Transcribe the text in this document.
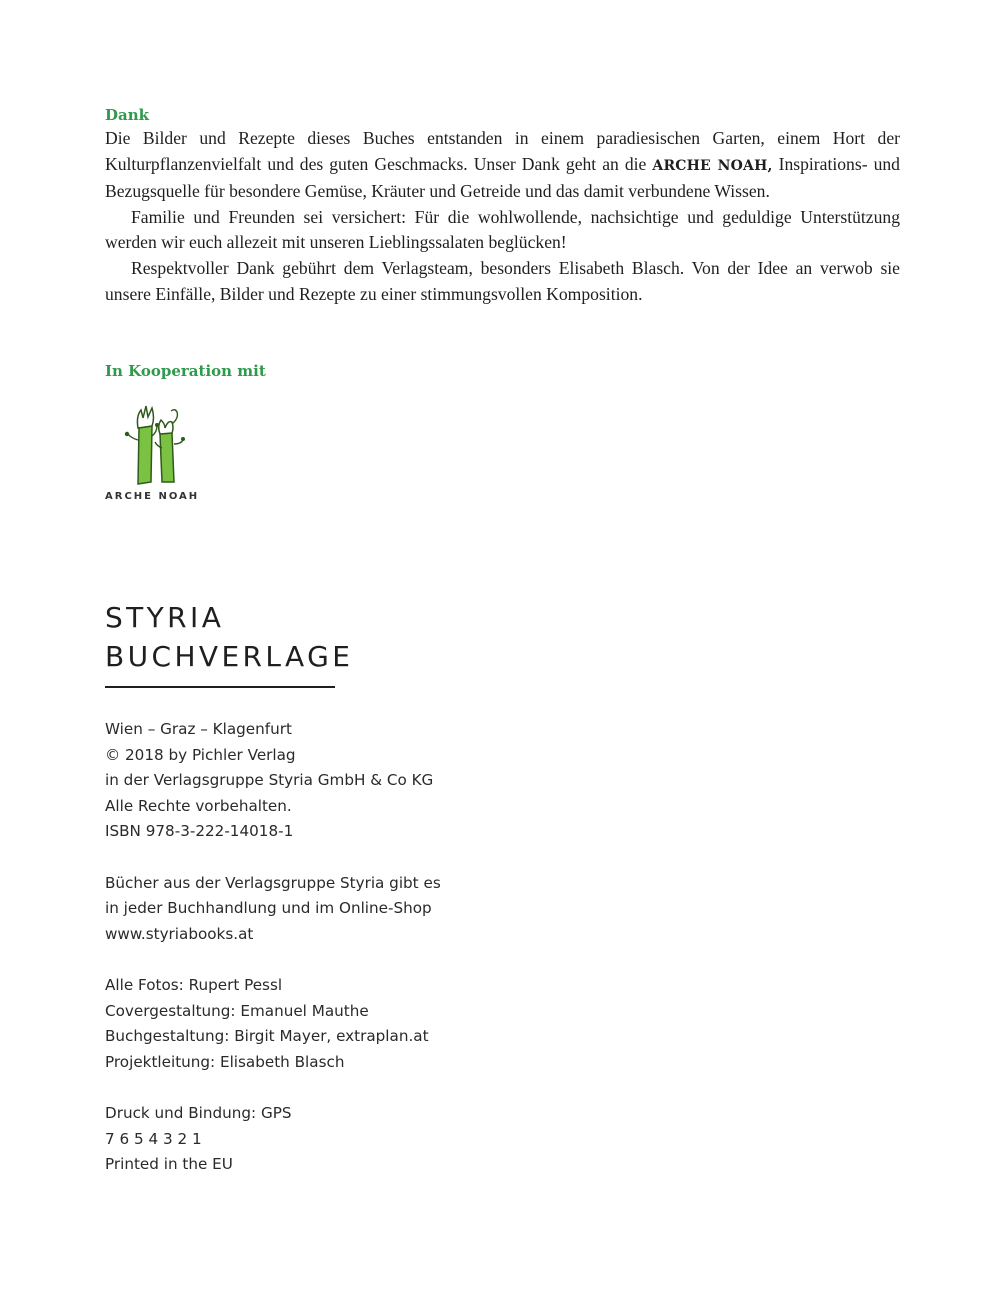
Dank

Die Bilder und Rezepte dieses Buches entstanden in einem paradiesischen Garten, einem Hort der Kulturpflanzenvielfalt und des guten Geschmacks. Unser Dank geht an die ARCHE NOAH, Inspirations- und Bezugsquelle für besondere Gemüse, Kräuter und Getreide und das damit verbundene Wissen.

Familie und Freunden sei versichert: Für die wohlwollende, nachsichtige und geduldige Unterstützung werden wir euch allezeit mit unseren Lieblingssalaten beglücken!

Respektvoller Dank gebührt dem Verlagsteam, besonders Elisabeth Blasch. Von der Idee an verwob sie unsere Einfälle, Bilder und Rezepte zu einer stimmungsvollen Komposition.

In Kooperation mit
ARCHE NOAH
STYRIA
BUCHVERLAGE
Wien – Graz – Klagenfurt
© 2018 by Pichler Verlag
in der Verlagsgruppe Styria GmbH & Co KG
Alle Rechte vorbehalten.
ISBN 978-3-222-14018-1
Bücher aus der Verlagsgruppe Styria gibt es
in jeder Buchhandlung und im Online-Shop
www.styriabooks.at
Alle Fotos: Rupert Pessl
Covergestaltung: Emanuel Mauthe
Buchgestaltung: Birgit Mayer, extraplan.at
Projektleitung: Elisabeth Blasch
Druck und Bindung: GPS
7 6 5 4 3 2 1
Printed in the EU
